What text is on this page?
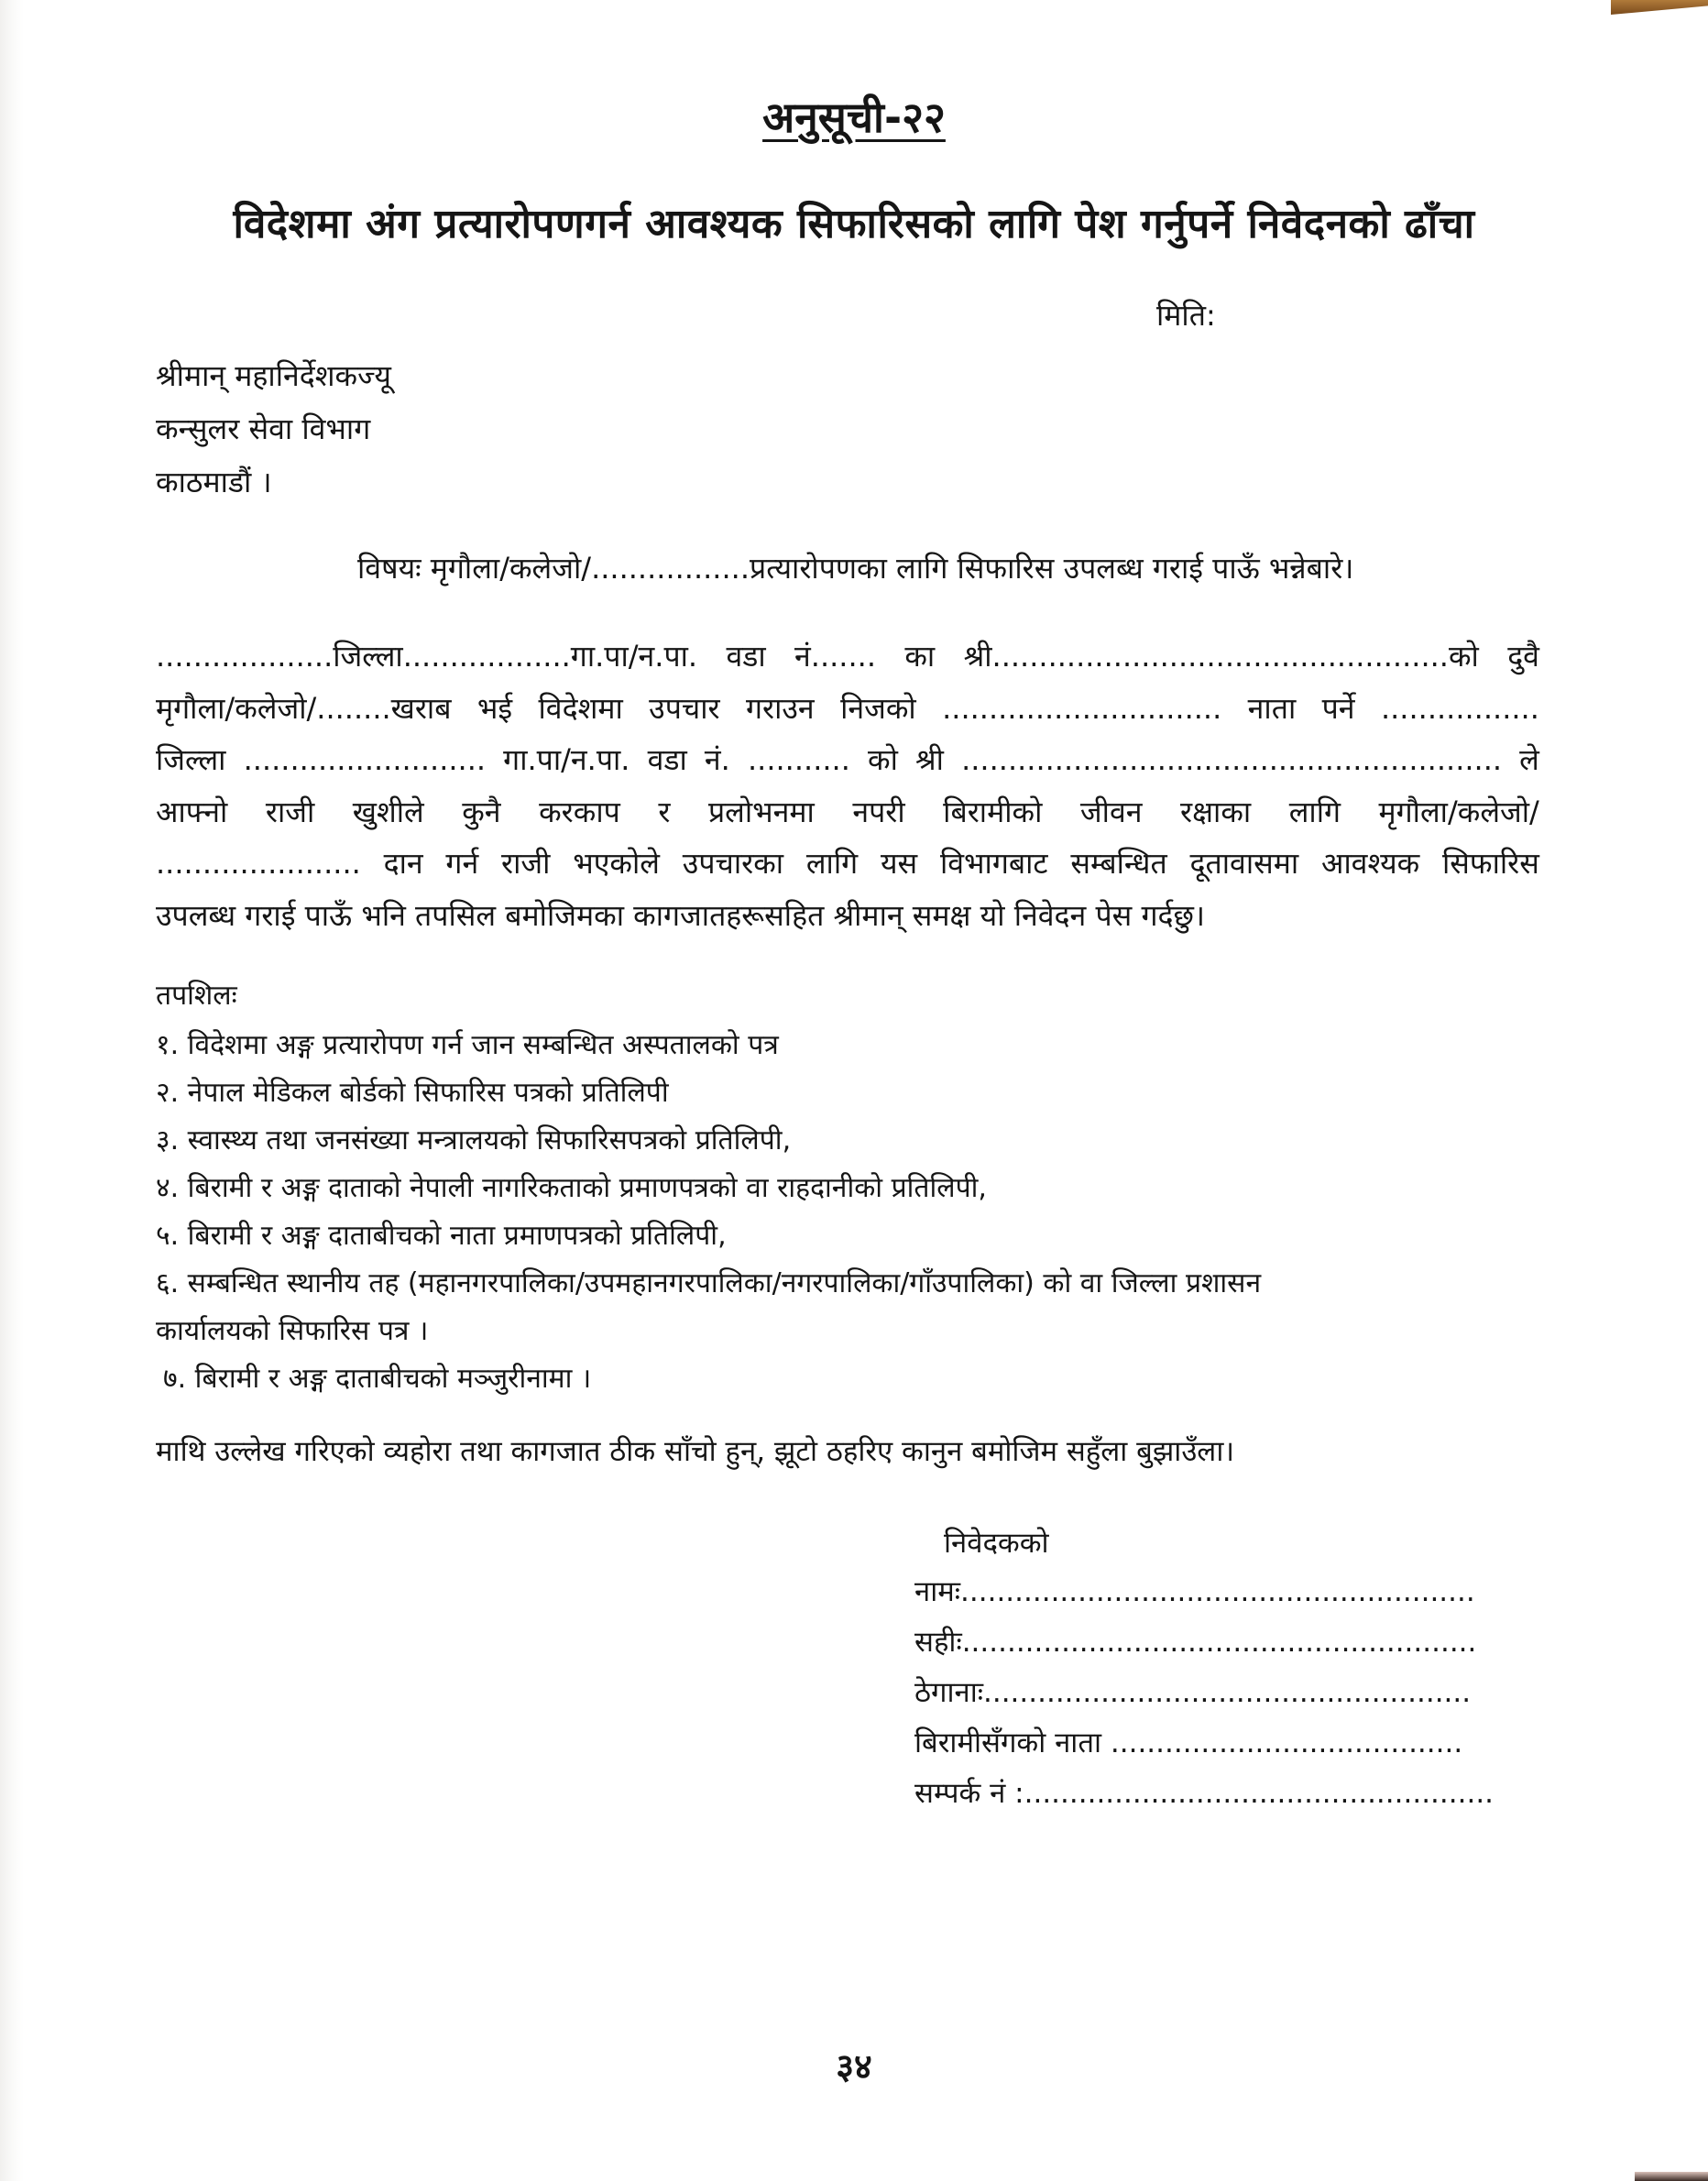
अनुसूची-२२
विदेशमा अंग प्रत्यारोपणगर्न आवश्यक सिफारिसको लागि पेश गर्नुपर्ने निवेदनको ढाँचा
मिति:
श्रीमान् महानिर्देशकज्यू
कन्सुलर सेवा विभाग
काठमाडौं ।
विषयः मृगौला/कलेजो/.................प्रत्यारोपणका लागि सिफारिस उपलब्ध गराई पाऊँ भन्नेबारे।
...................जिल्ला..................गा.पा/न.पा. वडा नं....... का श्री.................................................को दुवै
मृगौला/कलेजो/........खराब भई विदेशमा उपचार गराउन निजको .............................. नाता पर्ने .................
जिल्ला .......................... गा.पा/न.पा. वडा नं. ........... को श्री .......................................................... ले
आफ्नो राजी खुशीले कुनै करकाप र प्रलोभनमा नपरी बिरामीको जीवन रक्षाका लागि मृगौला/कलेजो/
...................... दान गर्न राजी भएकोले उपचारका लागि यस विभागबाट सम्बन्धित दूतावासमा आवश्यक सिफारिस
उपलब्ध गराई पाऊँ भनि तपसिल बमोजिमका कागजातहरूसहित श्रीमान् समक्ष यो निवेदन पेस गर्दछु।
तपशिलः
१. विदेशमा अङ्ग प्रत्यारोपण गर्न जान सम्बन्धित अस्पतालको पत्र
२. नेपाल मेडिकल बोर्डको सिफारिस पत्रको प्रतिलिपी
३. स्वास्थ्य तथा जनसंख्या मन्त्रालयको सिफारिसपत्रको प्रतिलिपी,
४. बिरामी र अङ्ग दाताको नेपाली नागरिकताको प्रमाणपत्रको वा राहदानीको प्रतिलिपी,
५. बिरामी र अङ्ग दाताबीचको नाता प्रमाणपत्रको प्रतिलिपी,
६. सम्बन्धित स्थानीय तह (महानगरपालिका/उपमहानगरपालिका/नगरपालिका/गाँउपालिका) को वा जिल्ला प्रशासन
कार्यालयको सिफारिस पत्र ।
७. बिरामी र अङ्ग दाताबीचको मञ्जुरीनामा ।
माथि उल्लेख गरिएको व्यहोरा तथा कागजात ठीक साँचो हुन्, झूटो ठहरिए कानुन बमोजिम सहुँला बुझाउँला।
निवेदकको
नामः.........................................................
सहीः.........................................................
ठेगानाः......................................................
बिरामीसँगको नाता .......................................
सम्पर्क नं :....................................................
३४
